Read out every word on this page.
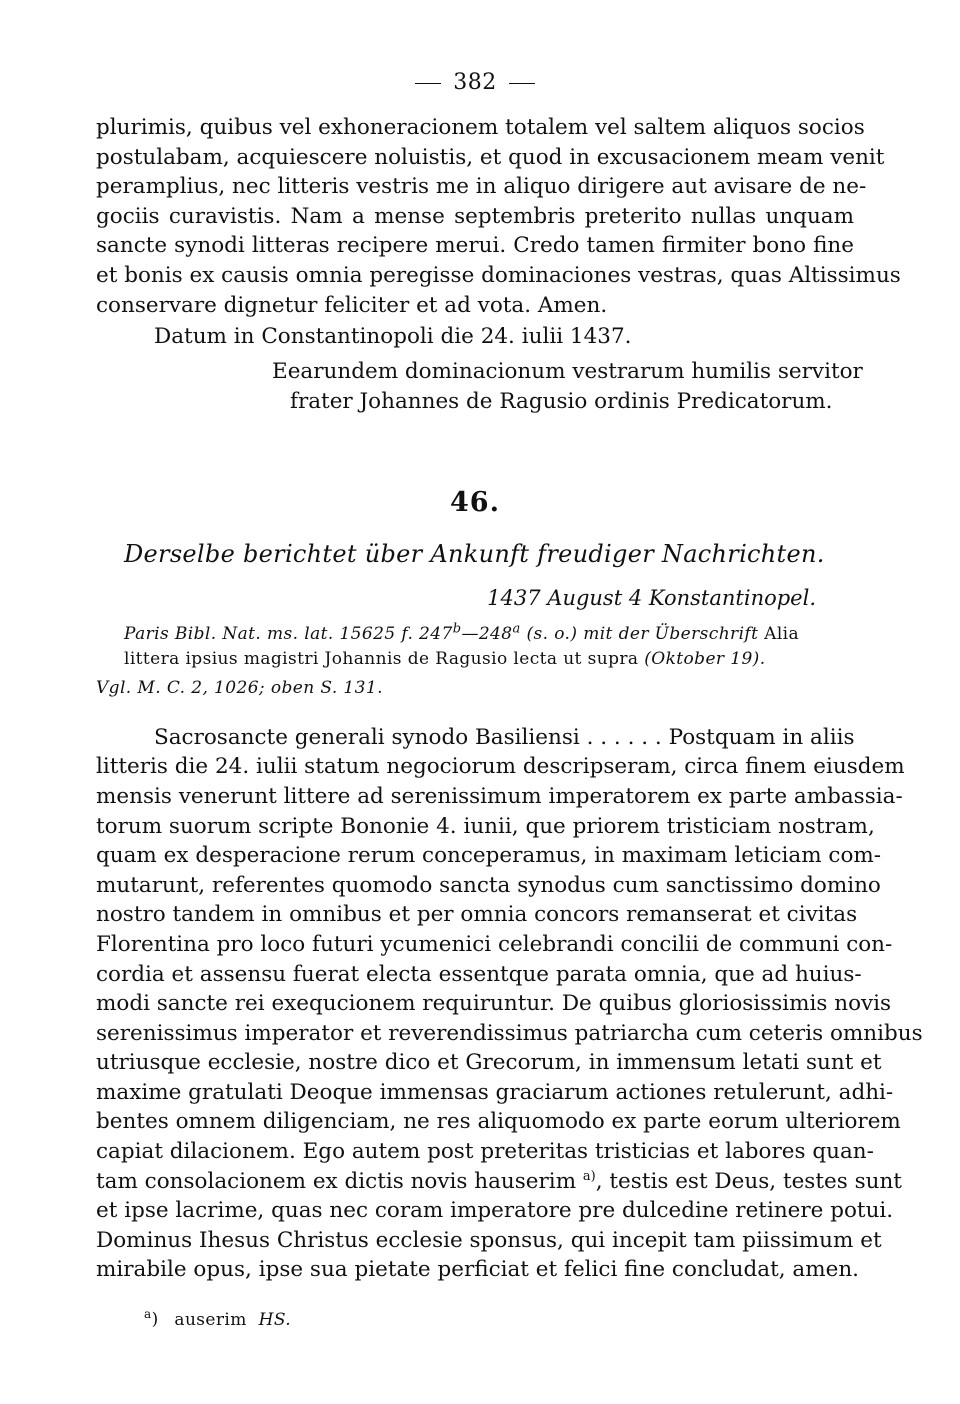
382
plurimis, quibus vel exhoneracionem totalem vel saltem aliquos socios
postulabam, acquiescere noluistis, et quod in excusacionem meam venit
peramplius, nec litteris vestris me in aliquo dirigere aut avisare de ne-
gociis curavistis. Nam a mense septembris preterito nullas unquam
sancte synodi litteras recipere merui. Credo tamen firmiter bono fine
et bonis ex causis omnia peregisse dominaciones vestras, quas Altissimus
conservare dignetur feliciter et ad vota. Amen.
Datum in Constantinopoli die 24. iulii 1437.
Eearundem dominacionum vestrarum humilis servitor
frater Johannes de Ragusio ordinis Predicatorum.
46.
Derselbe berichtet über Ankunft freudiger Nachrichten.
1437 August 4 Konstantinopel.
Paris Bibl. Nat. ms. lat. 15625 f. 247$^b$—248$^a$ (s. o.) mit der Überschrift Alia
littera ipsius magistri Johannis de Ragusio lecta ut supra (Oktober 19).
Vgl. M. C. 2, 1026; oben S. 131.
Sacrosancte generali synodo Basiliensi . . . . . . Postquam in aliis
litteris die 24. iulii statum negociorum descripseram, circa finem eiusdem
mensis venerunt littere ad serenissimum imperatorem ex parte ambassia-
torum suorum scripte Bononie 4. iunii, que priorem tristiciam nostram,
quam ex desperacione rerum conceperamus, in maximam leticiam com-
mutarunt, referentes quomodo sancta synodus cum sanctissimo domino
nostro tandem in omnibus et per omnia concors remanserat et civitas
Florentina pro loco futuri ycumenici celebrandi concilii de communi con-
cordia et assensu fuerat electa essentque parata omnia, que ad huius-
modi sancte rei exequcionem requiruntur. De quibus gloriosissimis novis
serenissimus imperator et reverendissimus patriarcha cum ceteris omnibus
utriusque ecclesie, nostre dico et Grecorum, in immensum letati sunt et
maxime gratulati Deoque immensas graciarum actiones retulerunt, adhi-
bentes omnem diligenciam, ne res aliquomodo ex parte eorum ulteriorem
capiat dilacionem. Ego autem post preteritas tristicias et labores quan-
tam consolacionem ex dictis novis hauserim $^{a)}$, testis est Deus, testes sunt
et ipse lacrime, quas nec coram imperatore pre dulcedine retinere potui.
Dominus Ihesus Christus ecclesie sponsus, qui incepit tam piissimum et
mirabile opus, ipse sua pietate perficiat et felici fine concludat, amen.
$^a$) auserim HS.
